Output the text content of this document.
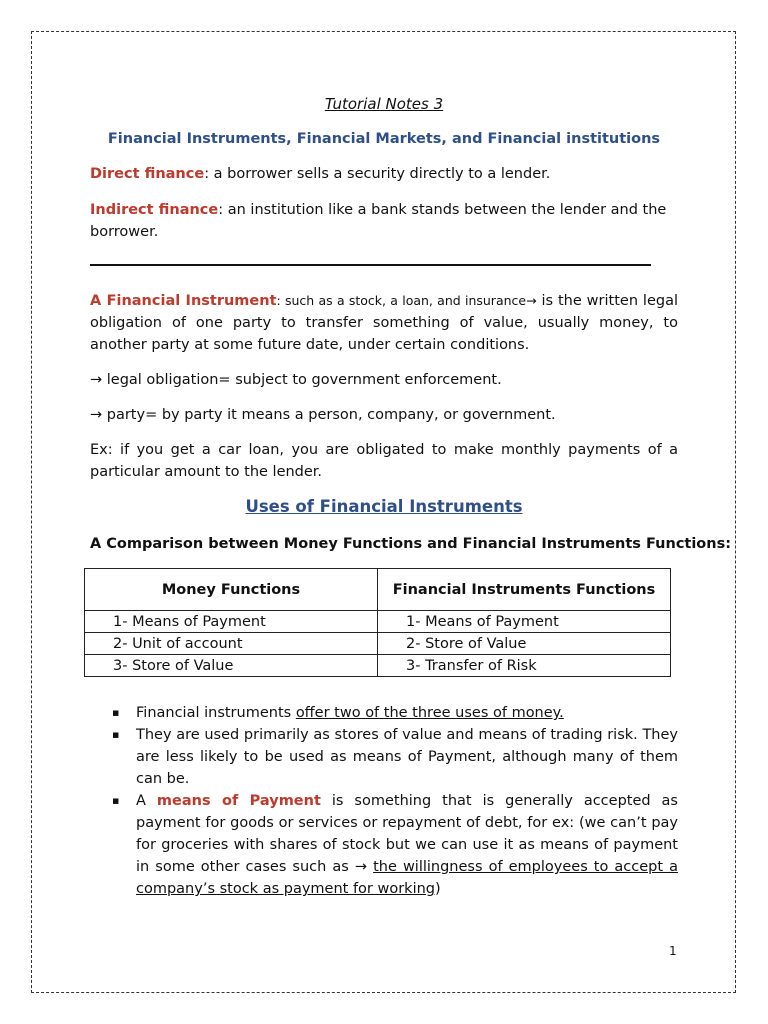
Tutorial Notes 3
Financial Instruments, Financial Markets, and Financial institutions
Direct finance: a borrower sells a security directly to a lender.
Indirect finance: an institution like a bank stands between the lender and the borrower.
A Financial Instrument: such as a stock, a loan, and insurance→ is the written legal obligation of one party to transfer something of value, usually money, to another party at some future date, under certain conditions.
→ legal obligation= subject to government enforcement.
→ party= by party it means a person, company, or government.
Ex: if you get a car loan, you are obligated to make monthly payments of a particular amount to the lender.
Uses of Financial Instruments
A Comparison between Money Functions and Financial Instruments Functions:
Money Functions	Financial Instruments Functions
1- Means of Payment	1- Means of Payment
2- Unit of account	2- Store of Value
3- Store of Value	3- Transfer of Risk

▪ Financial instruments offer two of the three uses of money.

▪ They are used primarily as stores of value and means of trading risk. They are less likely to be used as means of Payment, although many of them can be.

▪ A means of Payment is something that is generally accepted as payment for goods or services or repayment of debt, for ex: (we can’t pay for groceries with shares of stock but we can use it as means of payment in some other cases such as → the willingness of employees to accept a company’s stock as payment for working)

1
